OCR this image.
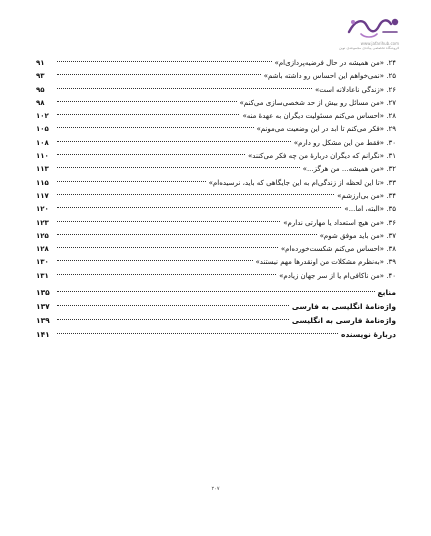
www.jafarihub.com
فروشگاه تخصصی پیاده‌ی مجموعه‌ی نوین
۲۴. «من همیشه در حال فرضیه‌پردازی‌ام»
۹۱
۲۵. «نمی‌خواهم این احساس رو داشته باشم»
۹۳
۲۶. «زندگی ناعادلانه است»
۹۵
۲۷. «من مسائل رو بیش از حد شخصی‌سازی می‌کنم»
۹۸
۲۸. «احساس می‌کنم مسئولیت دیگران به عهدهٔ منه»
۱۰۲
۲۹. «فکر می‌کنم تا ابد در این وضعیت می‌مونم»
۱۰۵
۳۰. «فقط من این مشکل رو دارم»
۱۰۸
۳۱. «نگرانم که دیگران دربارهٔ من چه فکر می‌کنند»
۱۱۰
۳۲. «من همیشه... من هرگز...»
۱۱۳
۳۳. «تا این لحظه از زندگی‌ام به این جایگاهی که باید، نرسیده‌ام»
۱۱۵
۳۴. «من بی‌ارزشم»
۱۱۷
۳۵. «البته، اما...»
۱۲۰
۳۶. «من هیچ استعداد یا مهارتی ندارم»
۱۲۳
۳۷. «من باید موفق شوم»
۱۲۵
۳۸. «احساس می‌کنم شکست‌خورده‌ام»
۱۲۸
۳۹. «به‌نظرم مشکلات من اونقدرها مهم نیستند»
۱۳۰
۴۰. «من ناکافی‌ام یا از سر جهان زیادم»
۱۳۱
منابع
۱۳۵
واژه‌نامهٔ انگلیسی به فارسی
۱۳۷
واژه‌نامهٔ فارسی به انگلیسی
۱۳۹
دربارهٔ نویسنده
۱۴۱
۲۰۷
